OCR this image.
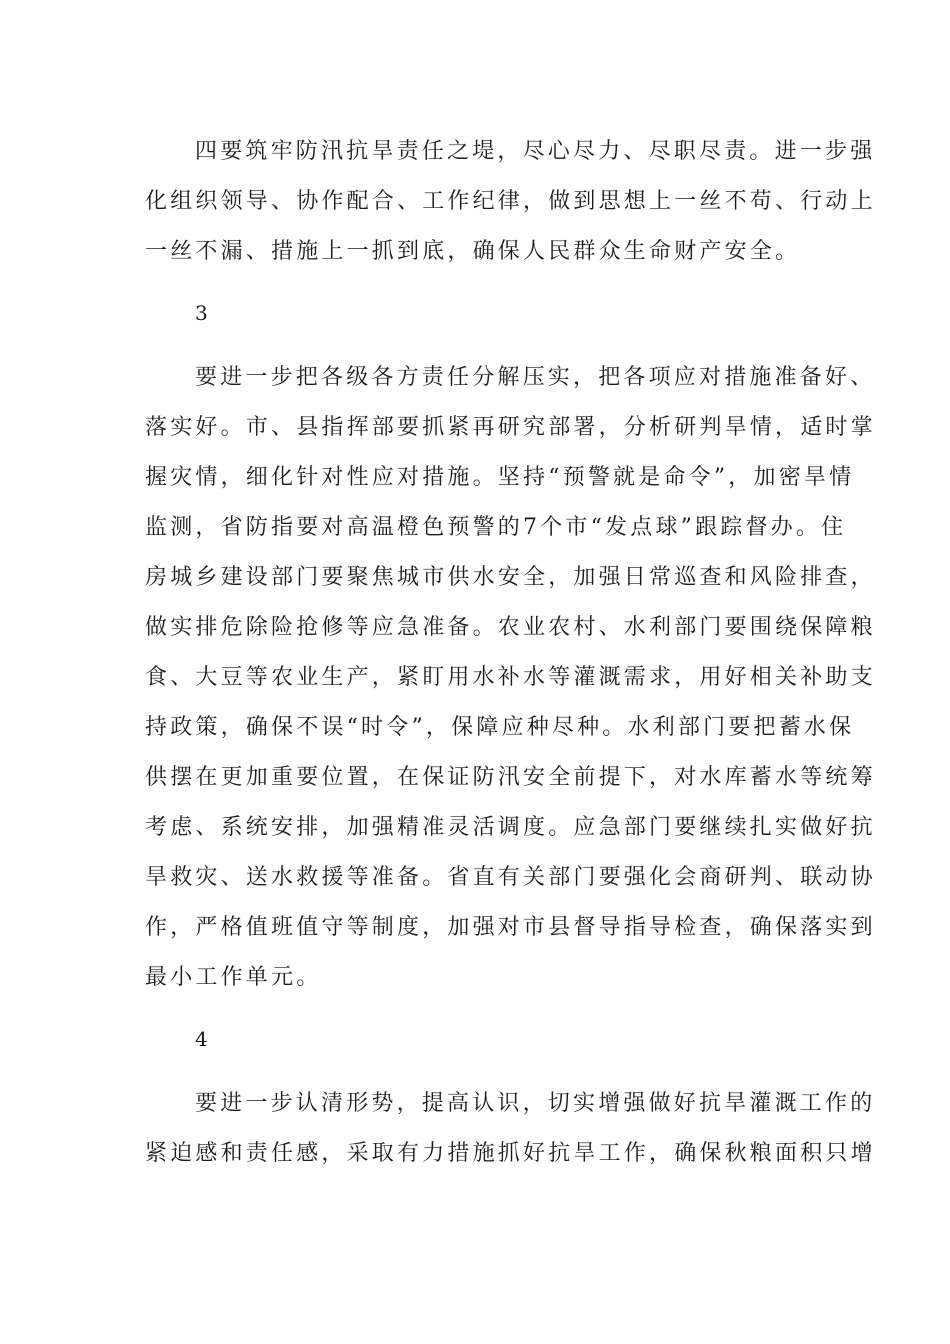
四要筑牢防汛抗旱责任之堤，尽心尽力、尽职尽责。进一步强
化组织领导、协作配合、工作纪律，做到思想上一丝不苟、行动上
一丝不漏、措施上一抓到底，确保人民群众生命财产安全。
3
要进一步把各级各方责任分解压实，把各项应对措施准备好、
落实好。市、县指挥部要抓紧再研究部署，分析研判旱情，适时掌
握灾情，细化针对性应对措施。坚持“预警就是命令”，加密旱情
监测，省防指要对高温橙色预警的7个市“发点球”跟踪督办。住
房城乡建设部门要聚焦城市供水安全，加强日常巡查和风险排查，
做实排危除险抢修等应急准备。农业农村、水利部门要围绕保障粮
食、大豆等农业生产，紧盯用水补水等灌溉需求，用好相关补助支
持政策，确保不误“时令”，保障应种尽种。水利部门要把蓄水保
供摆在更加重要位置，在保证防汛安全前提下，对水库蓄水等统筹
考虑、系统安排，加强精准灵活调度。应急部门要继续扎实做好抗
旱救灾、送水救援等准备。省直有关部门要强化会商研判、联动协
作，严格值班值守等制度，加强对市县督导指导检查，确保落实到
最小工作单元。
4
要进一步认清形势，提高认识，切实增强做好抗旱灌溉工作的
紧迫感和责任感，采取有力措施抓好抗旱工作，确保秋粮面积只增
